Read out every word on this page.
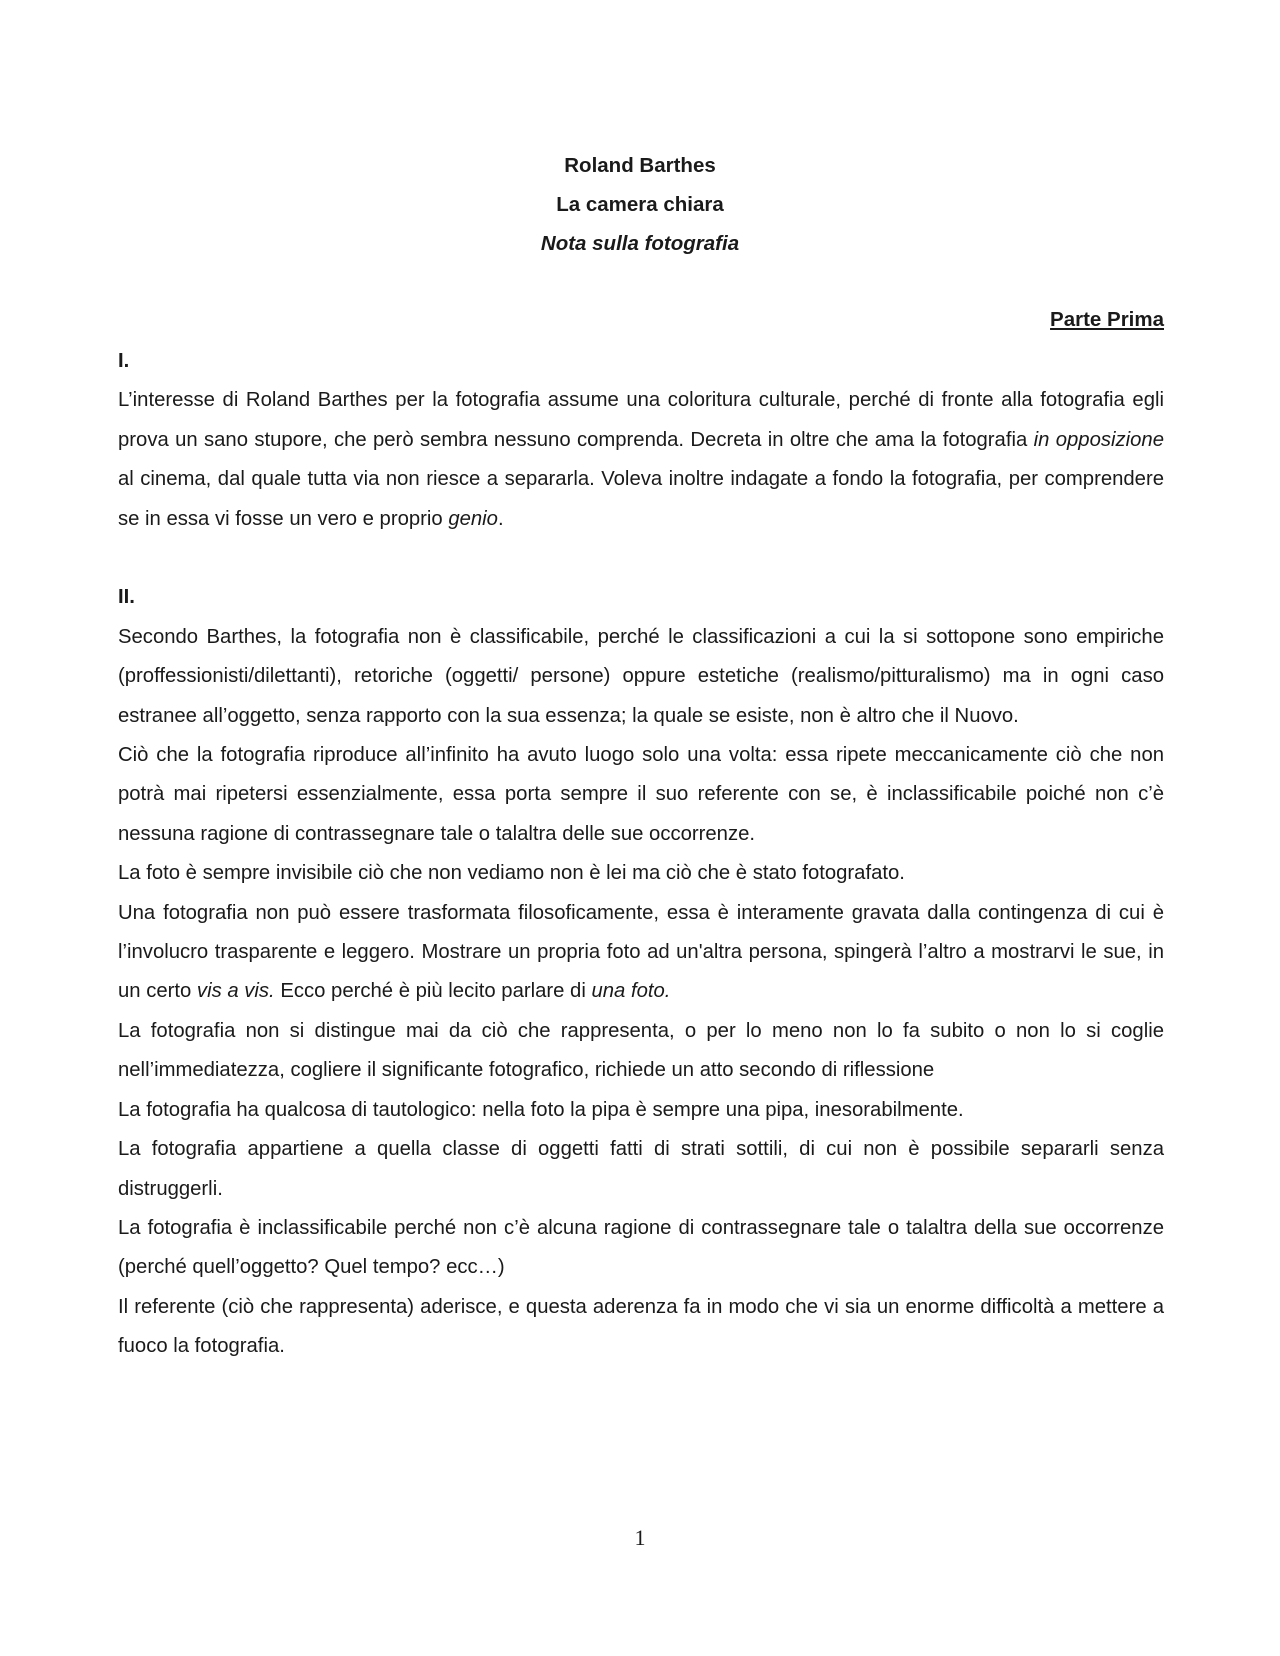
Roland Barthes
La camera chiara
Nota sulla fotografia
Parte Prima
I.

L’interesse di Roland Barthes per la fotografia assume una coloritura culturale, perché di fronte alla fotografia egli prova un sano stupore, che però sembra nessuno comprenda. Decreta in oltre che ama la fotografia in opposizione al cinema, dal quale tutta via non riesce a separarla. Voleva inoltre indagate a fondo la fotografia, per comprendere se in essa vi fosse un vero e proprio genio.

II.

Secondo Barthes, la fotografia non è classificabile, perché le classificazioni a cui la si sottopone sono empiriche (proffessionisti/dilettanti), retoriche (oggetti/ persone) oppure estetiche (realismo/pitturalismo) ma in ogni caso estranee all’oggetto, senza rapporto con la sua essenza; la quale se esiste, non è altro che il Nuovo.

Ciò che la fotografia riproduce all’infinito ha avuto luogo solo una volta: essa ripete meccanicamente ciò che non potrà mai ripetersi essenzialmente, essa porta sempre il suo referente con se, è inclassificabile poiché non c’è nessuna ragione di contrassegnare tale o talaltra delle sue occorrenze.

La foto è sempre invisibile ciò che non vediamo non è lei ma ciò che è stato fotografato.

Una fotografia non può essere trasformata filosoficamente, essa è interamente gravata dalla contingenza di cui è l’involucro trasparente e leggero. Mostrare un propria foto ad un'altra persona, spingerà l’altro a mostrarvi le sue, in un certo vis a vis. Ecco perché è più lecito parlare di una foto.

La fotografia non si distingue mai da ciò che rappresenta, o per lo meno non lo fa subito o non lo si coglie nell’immediatezza, cogliere il significante fotografico, richiede un atto secondo di riflessione

La fotografia ha qualcosa di tautologico: nella foto la pipa è sempre una pipa, inesorabilmente.

La fotografia appartiene a quella classe di oggetti fatti di strati sottili, di cui non è possibile separarli senza distruggerli.

La fotografia è inclassificabile perché non c’è alcuna ragione di contrassegnare tale o talaltra della sue occorrenze (perché quell’oggetto? Quel tempo? ecc…)

Il referente (ciò che rappresenta) aderisce, e questa aderenza fa in modo che vi sia un enorme difficoltà a mettere a fuoco la fotografia.

1
